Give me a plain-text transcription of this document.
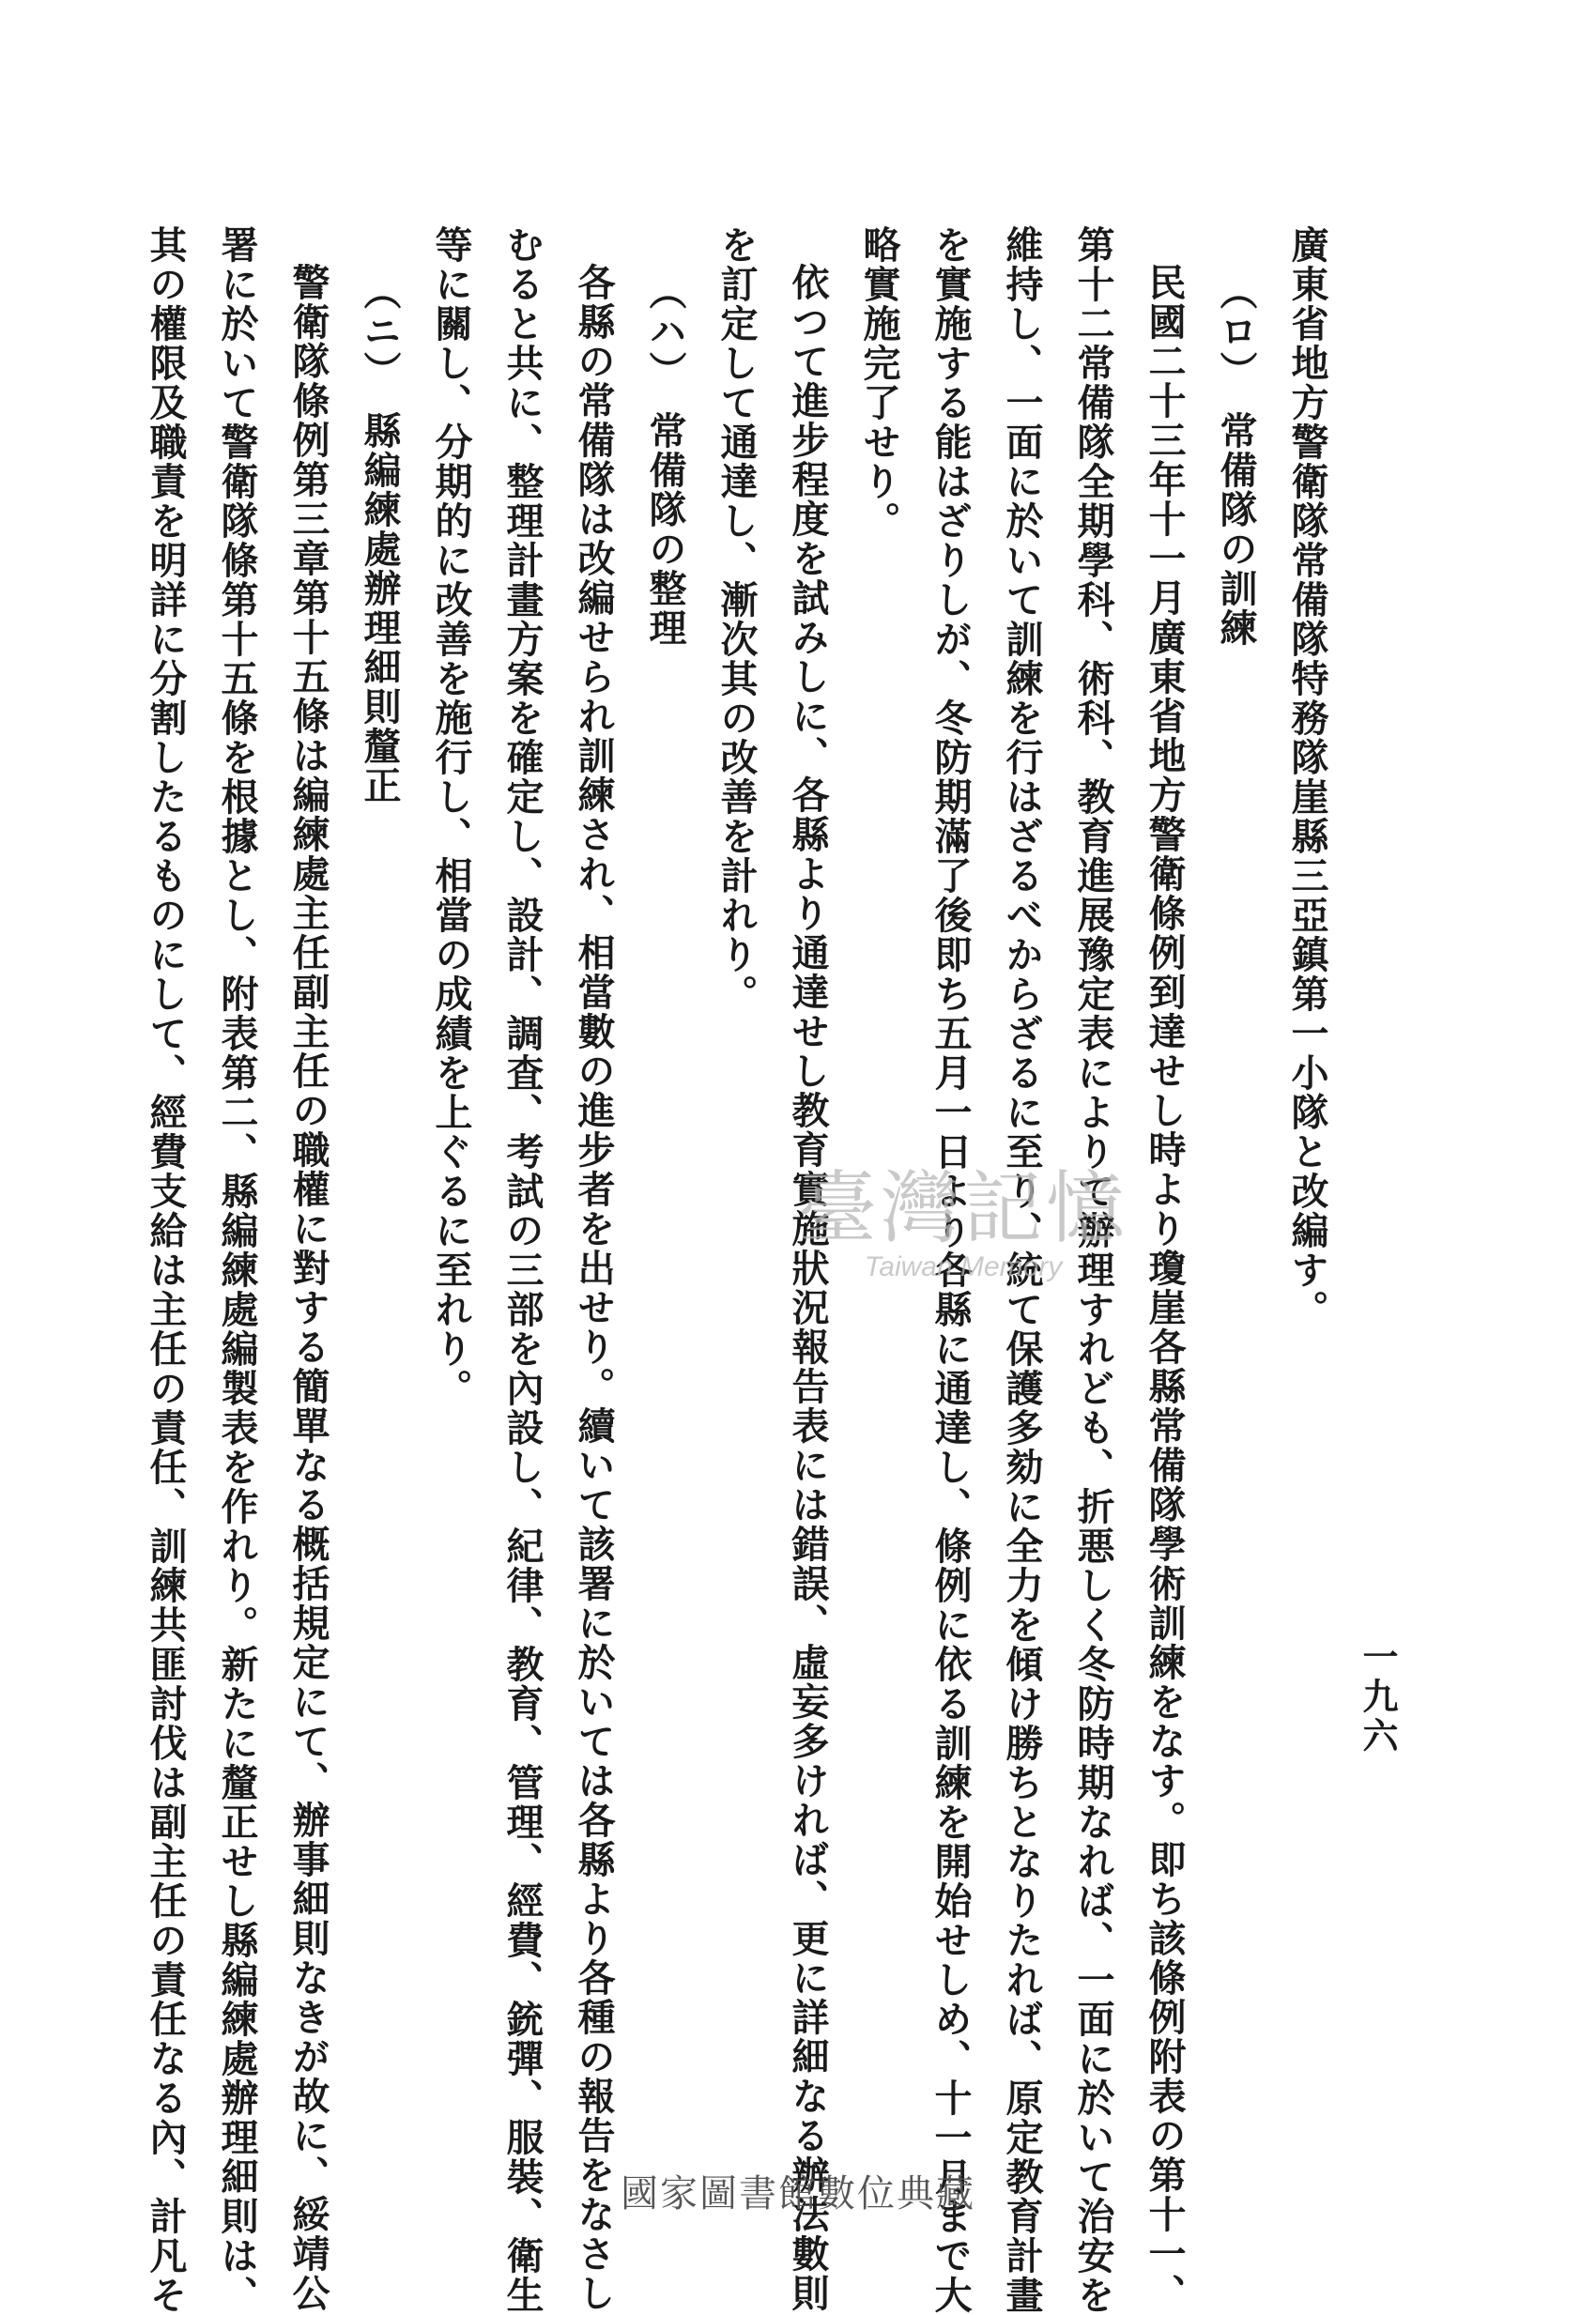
一九六
廣東省地方警衛隊常備隊特務隊崖縣三亞鎮第一小隊と改編す。
（ロ）　常備隊の訓練
民國二十三年十一月廣東省地方警衛條例到達せし時より瓊崖各縣常備隊學術訓練をなす。即ち該條例附表の第十一、
第十二常備隊全期學科、術科、教育進展豫定表によりて辦理すれども、折悪しく冬防時期なれば、一面に於いて治安を
維持し、一面に於いて訓練を行はざるべからざるに至り、統て保護多劾に全力を傾け勝ちとなりたれば、原定教育計畫
を實施する能はざりしが、冬防期滿了後即ち五月一日より各縣に通達し、條例に依る訓練を開始せしめ、十一月まで大
略實施完了せり。
依つて進步程度を試みしに、各縣より通達せし教育實施狀況報告表には錯誤、虛妄多ければ、更に詳細なる辦法數則
を訂定して通達し、漸次其の改善を計れり。
（ハ）　常備隊の整理
各縣の常備隊は改編せられ訓練され、相當數の進步者を出せり。續いて該署に於いては各縣より各種の報告をなさし
むると共に、整理計畫方案を確定し、設計、調査、考試の三部を內設し、紀律、教育、管理、經費、銃彈、服裝、衛生
等に關し、分期的に改善を施行し、相當の成績を上ぐるに至れり。
（ニ）　縣編練處辦理細則釐正
警衛隊條例第三章第十五條は編練處主任副主任の職權に對する簡單なる概括規定にて、辦事細則なきが故に、綏靖公
署に於いて警衛隊條第十五條を根據とし、附表第二、縣編練處編製表を作れり。新たに釐正せし縣編練處辦理細則は、
其の權限及職責を明詳に分割したるものにして、經費支給は主任の責任、訓練共匪討伐は副主任の責任なる內、計凡そ	臺灣記憶
Taiwan Memory
國家圖書館數位典藏
